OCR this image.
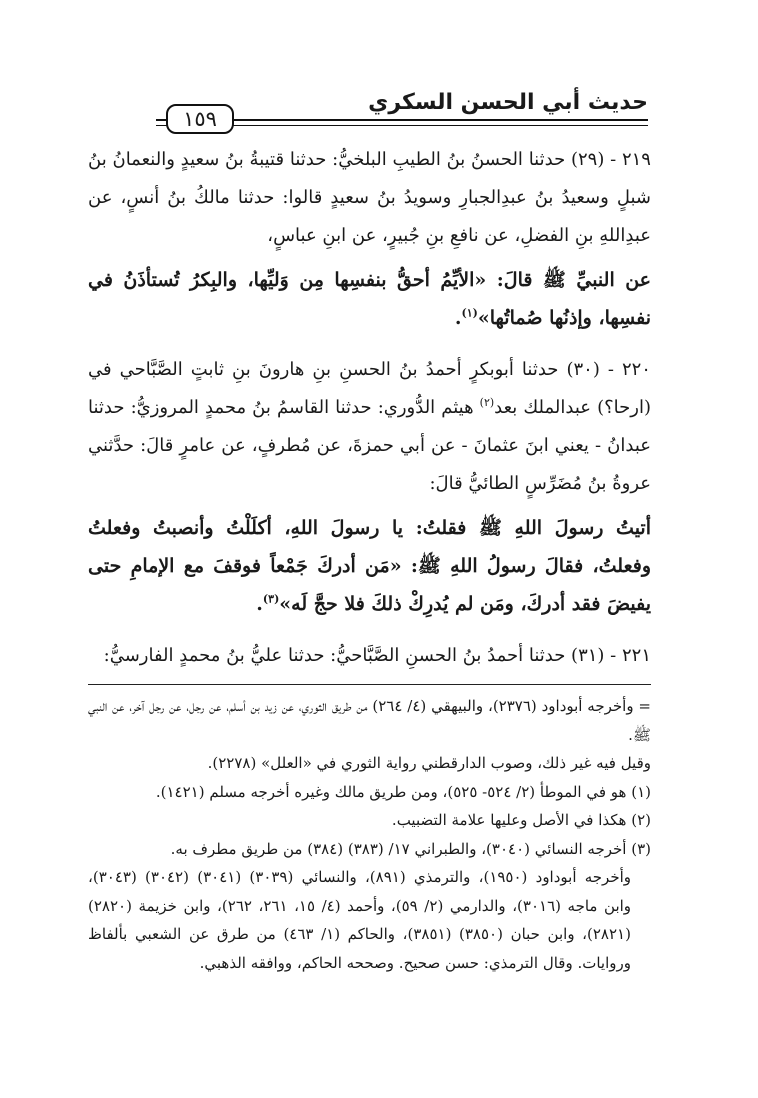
١٥٩
حديث أبي الحسن السكري

٢١٩ - (٢٩) حدثنا الحسنُ بنُ الطيبِ البلخيُّ: حدثنا قتيبةُ بنُ سعيدٍ والنعمانُ بنُ شبلٍ وسعيدُ بنُ عبدِالجبارِ وسويدُ بنُ سعيدٍ قالوا: حدثنا مالكُ بنُ أنسٍ، عن عبدِاللهِ بنِ الفضلِ، عن نافعِ بنِ جُبيرٍ، عن ابنِ عباسٍ،

عن النبيِّ ﷺ قالَ: «الأيِّمُ أحقُّ بنفسِها مِن وَليِّها، والبِكرُ تُستأذَنُ في نفسِها، وإذنُها صُماتُها»$^{(١)}$.

٢٢٠ - (٣٠) حدثنا أبوبكرٍ أحمدُ بنُ الحسنِ بنِ هارونَ بنِ ثابتٍ الصَّبَّاحي في (ارحا؟) عبدالملك بعد$^{(٢)}$ هيثم الدُّوري: حدثنا القاسمُ بنُ محمدٍ المروزيُّ: حدثنا عبدانُ - يعني ابنَ عثمانَ - عن أبي حمزةَ، عن مُطرفٍ، عن عامرٍ قالَ: حدَّثني عروةُ بنُ مُضَرِّسٍ الطائيُّ قالَ:

أتيتُ رسولَ اللهِ ﷺ فقلتُ: يا رسولَ اللهِ، أكلَلْتُ وأنصبتُ وفعلتُ وفعلتُ، فقالَ رسولُ اللهِ ﷺ: «مَن أدركَ جَمْعاً فوقفَ مع الإمامِ حتى يفيضَ فقد أدركَ، ومَن لم يُدرِكْ ذلكَ فلا حجَّ لَه»$^{(٣)}$.

٢٢١ - (٣١) حدثنا أحمدُ بنُ الحسنِ الصَّبَّاحيُّ: حدثنا عليُّ بنُ محمدٍ الفارسيُّ:

= وأخرجه أبوداود (٢٣٧٦)، والبيهقي (٤/ ٢٦٤) من طريق الثوري، عن زيد بن أسلم، عن رجل، عن رجل آخر، عن النبي ﷺ.

وقيل فيه غير ذلك، وصوب الدارقطني رواية الثوري في «العلل» (٢٢٧٨).

(١) هو في الموطأ (٢/ ٥٢٤- ٥٢٥)، ومن طريق مالك وغيره أخرجه مسلم (١٤٢١).

(٢) هكذا في الأصل وعليها علامة التضبيب.

(٣) أخرجه النسائي (٣٠٤٠)، والطبراني ١٧/ (٣٨٣) (٣٨٤) من طريق مطرف به.

وأخرجه أبوداود (١٩٥٠)، والترمذي (٨٩١)، والنسائي (٣٠٣٩) (٣٠٤١) (٣٠٤٢) (٣٠٤٣)، وابن ماجه (٣٠١٦)، والدارمي (٢/ ٥٩)، وأحمد (٤/ ١٥، ٢٦١، ٢٦٢)، وابن خزيمة (٢٨٢٠) (٢٨٢١)، وابن حبان (٣٨٥٠) (٣٨٥١)، والحاكم (١/ ٤٦٣) من طرق عن الشعبي بألفاظ وروايات. وقال الترمذي: حسن صحيح. وصححه الحاكم، ووافقه الذهبي.
